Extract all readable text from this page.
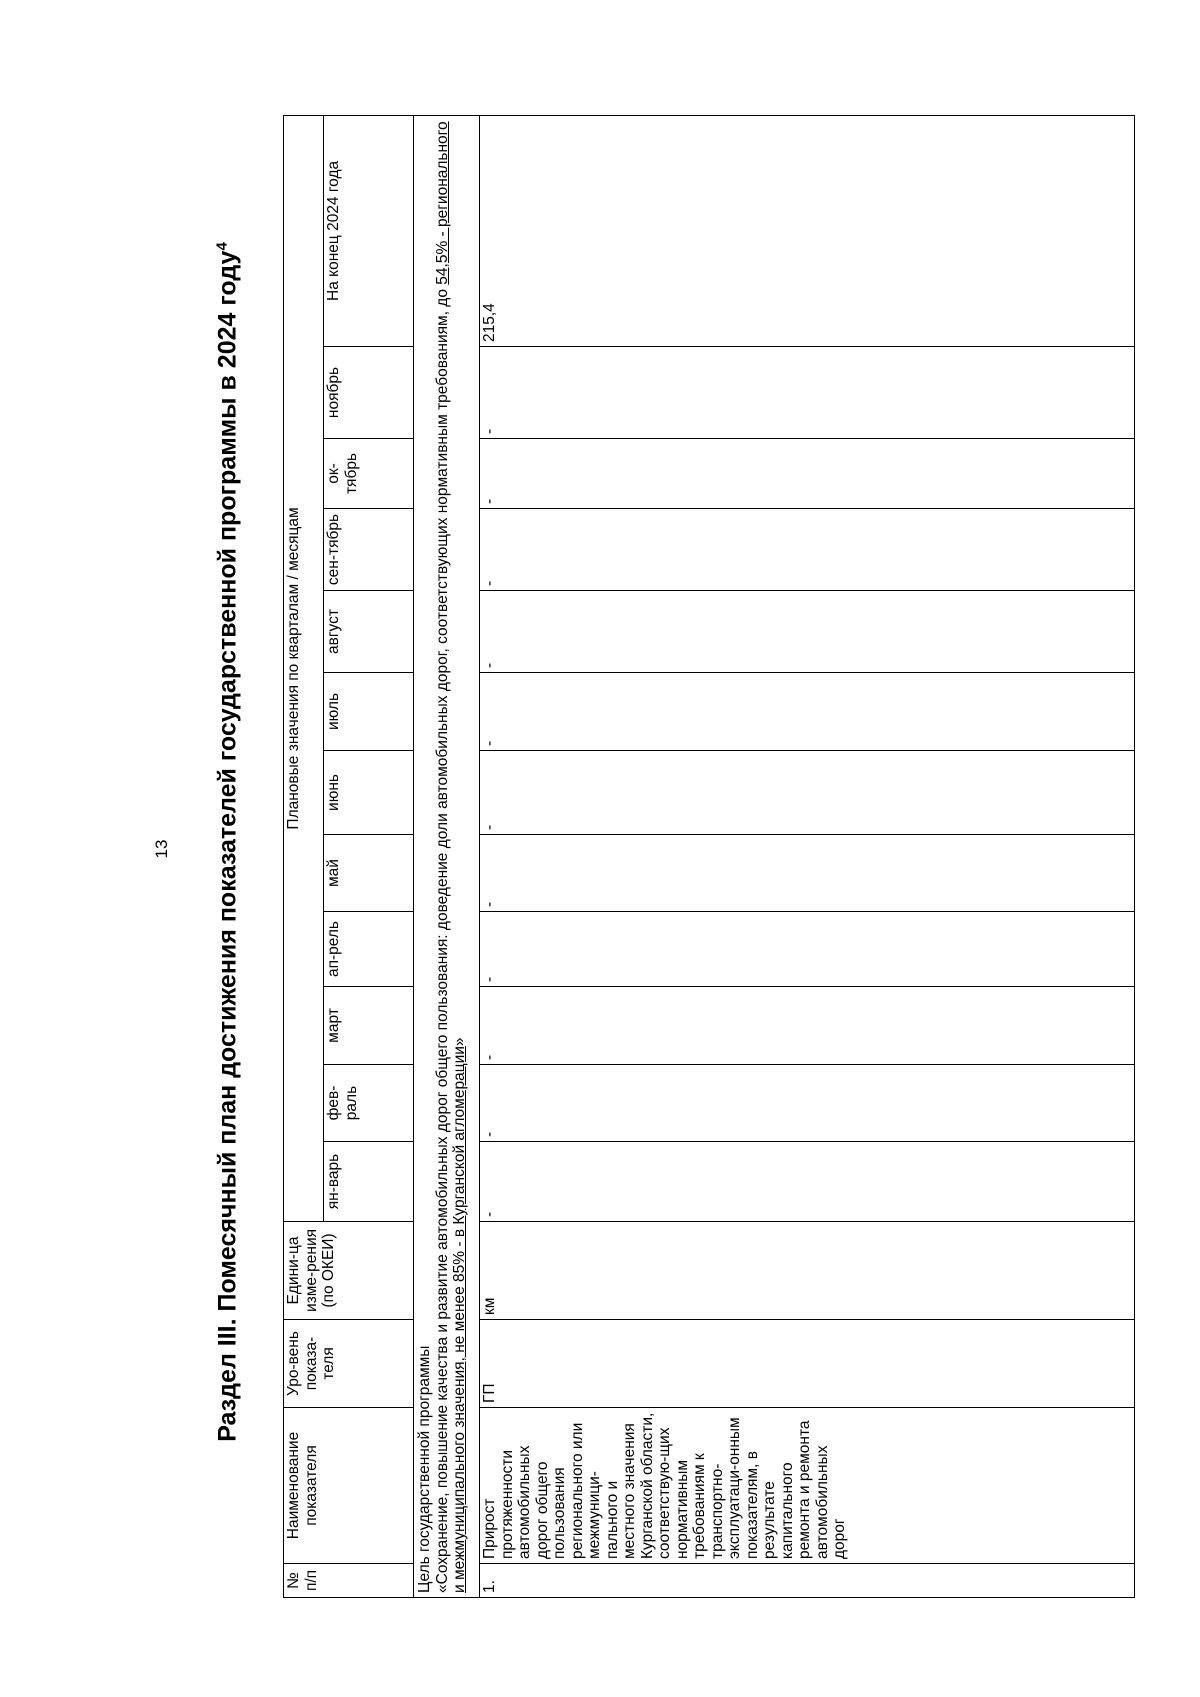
13 Раздел III. Помесячный план достижения показателей государственной программы в 2024 году$^4$
№ п/п	Наименование показателя	Уро-вень показа-теля	Едини-ца изме-рения (по ОКЕИ)	Плановые значения по кварталам / месяцам											
				ян-варь	фев-раль	март	ап-рель	май	июнь	июль	август	сен-тябрь	ок-тябрь	ноябрь	На конец 2024 года

Цель государственной программы «Сохранение, повышение качества и развитие автомобильных дорог общего пользования: доведение доли автомобильных дорог, соответствующих нормативным требованиям, до 54,5% - регионального и межмуниципального значения, не менее 85% - в Курганской агломерации»															

1.	Прирост протяженности автомобильных дорог общего пользования регионального или межмуници-пального и местного значения Курганской области, соответствую-щих нормативным требованиям к транспортно-эксплуатаци-онным показателям, в результате капитального ремонта и ремонта автомобильных дорог	ГП	км	-	-	-	-	-	-	-	-	-	-	-	215,4
